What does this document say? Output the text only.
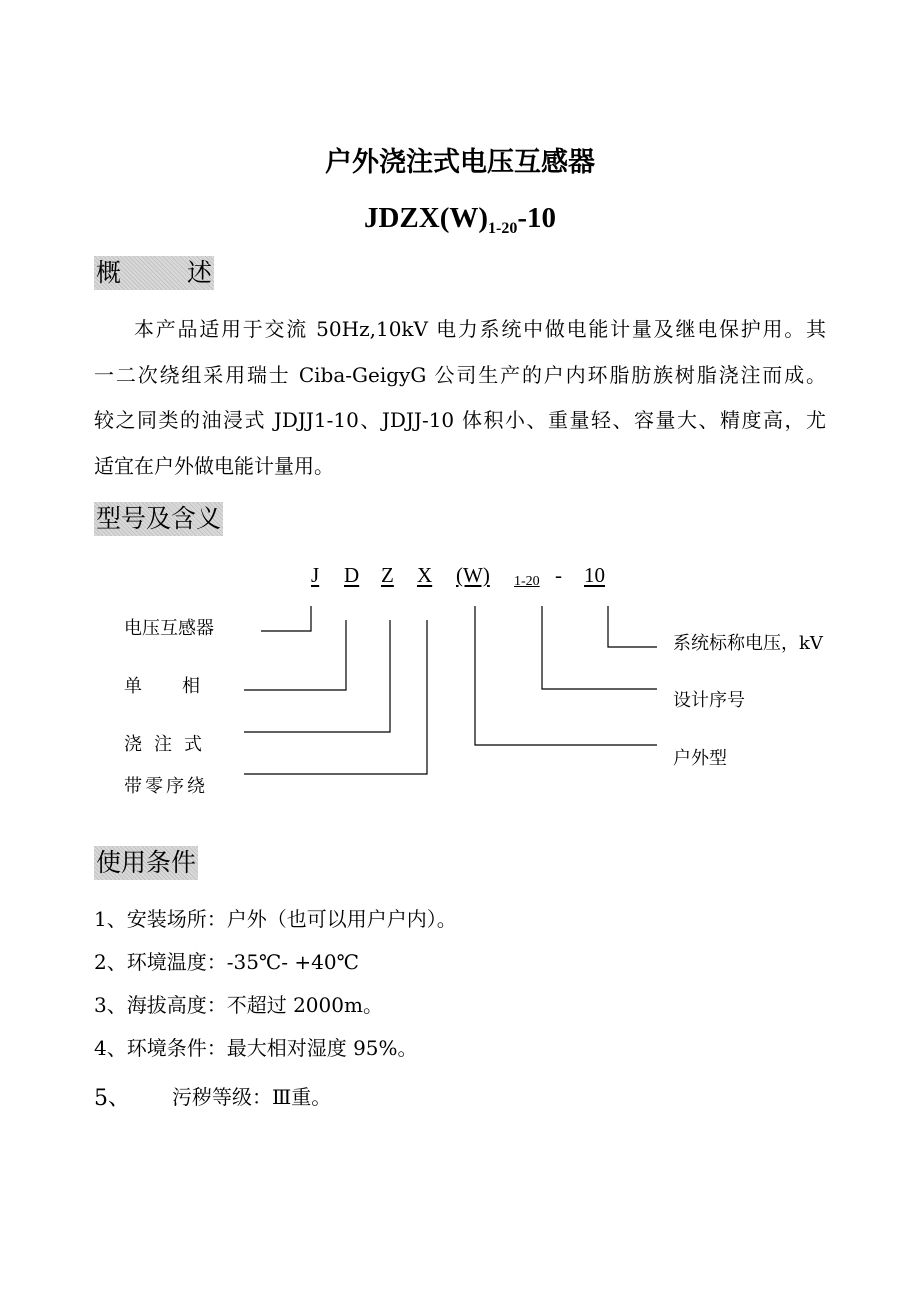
户外浇注式电压互感器
$JDZX(W)_{1-20}-10$
概	述
本产品适用于交流 50Hz,10kV 电力系统中做电能计量及继电保护用。其
一二次绕组采用瑞士 Ciba-GeigyG 公司生产的户内环脂肪族树脂浇注而成。
较之同类的油浸式 JDJJ1-10、JDJJ-10 体积小、重量轻、容量大、精度高，尤
适宜在户外做电能计量用。
型号及含义
J D Z X (W) 1-20 - 10
电压互感器
单相
浇注式
带零序绕
系统标称电压，kV
设计序号
户外型
使用条件
1、安装场所：户外（也可以用户户内）。
2、环境温度：-35℃- +40℃
3、海拔高度：不超过 2000m。
4、环境条件：最大相对湿度 95%。
5、 污秽等级：Ⅲ重。
